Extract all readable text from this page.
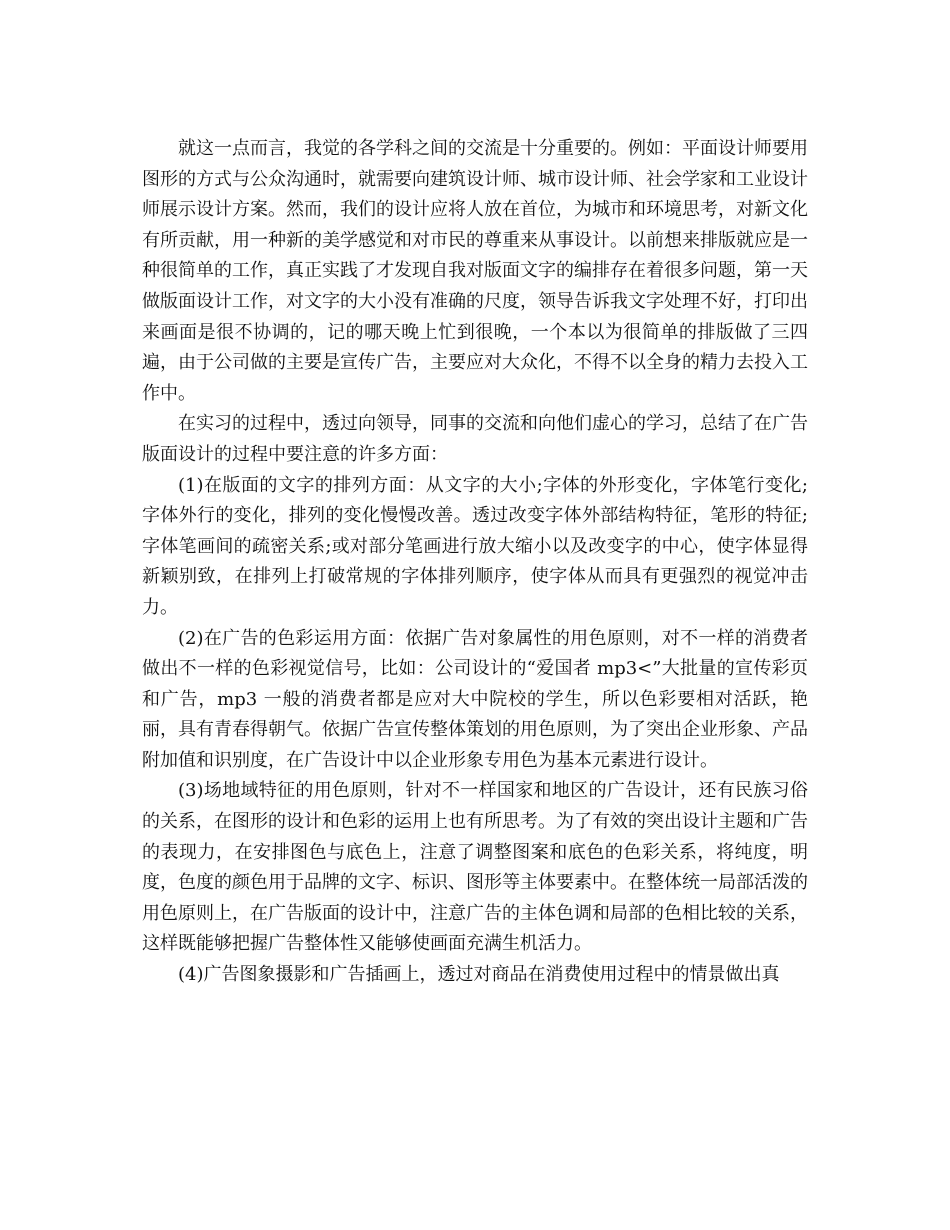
就这一点而言，我觉的各学科之间的交流是十分重要的。例如：平面设计师要用图形的方式与公众沟通时，就需要向建筑设计师、城市设计师、社会学家和工业设计师展示设计方案。然而，我们的设计应将人放在首位，为城市和环境思考，对新文化有所贡献，用一种新的美学感觉和对市民的尊重来从事设计。以前想来排版就应是一种很简单的工作，真正实践了才发现自我对版面文字的编排存在着很多问题，第一天做版面设计工作，对文字的大小没有准确的尺度，领导告诉我文字处理不好，打印出来画面是很不协调的，记的哪天晚上忙到很晚，一个本以为很简单的排版做了三四遍，由于公司做的主要是宣传广告，主要应对大众化，不得不以全身的精力去投入工作中。

在实习的过程中，透过向领导，同事的交流和向他们虚心的学习，总结了在广告版面设计的过程中要注意的许多方面：

(1)在版面的文字的排列方面：从文字的大小;字体的外形变化，字体笔行变化;字体外行的变化，排列的变化慢慢改善。透过改变字体外部结构特征，笔形的特征;字体笔画间的疏密关系;或对部分笔画进行放大缩小以及改变字的中心，使字体显得新颖别致，在排列上打破常规的字体排列顺序，使字体从而具有更强烈的视觉冲击力。

(2)在广告的色彩运用方面：依据广告对象属性的用色原则，对不一样的消费者做出不一样的色彩视觉信号，比如：公司设计的“爱国者 mp3<”大批量的宣传彩页和广告，mp3 一般的消费者都是应对大中院校的学生，所以色彩要相对活跃，艳丽，具有青春得朝气。依据广告宣传整体策划的用色原则，为了突出企业形象、产品附加值和识别度，在广告设计中以企业形象专用色为基本元素进行设计。

(3)场地域特征的用色原则，针对不一样国家和地区的广告设计，还有民族习俗的关系，在图形的设计和色彩的运用上也有所思考。为了有效的突出设计主题和广告的表现力，在安排图色与底色上，注意了调整图案和底色的色彩关系，将纯度，明度，色度的颜色用于品牌的文字、标识、图形等主体要素中。在整体统一局部活泼的用色原则上，在广告版面的设计中，注意广告的主体色调和局部的色相比较的关系，这样既能够把握广告整体性又能够使画面充满生机活力。

(4)广告图象摄影和广告插画上，透过对商品在消费使用过程中的情景做出真
